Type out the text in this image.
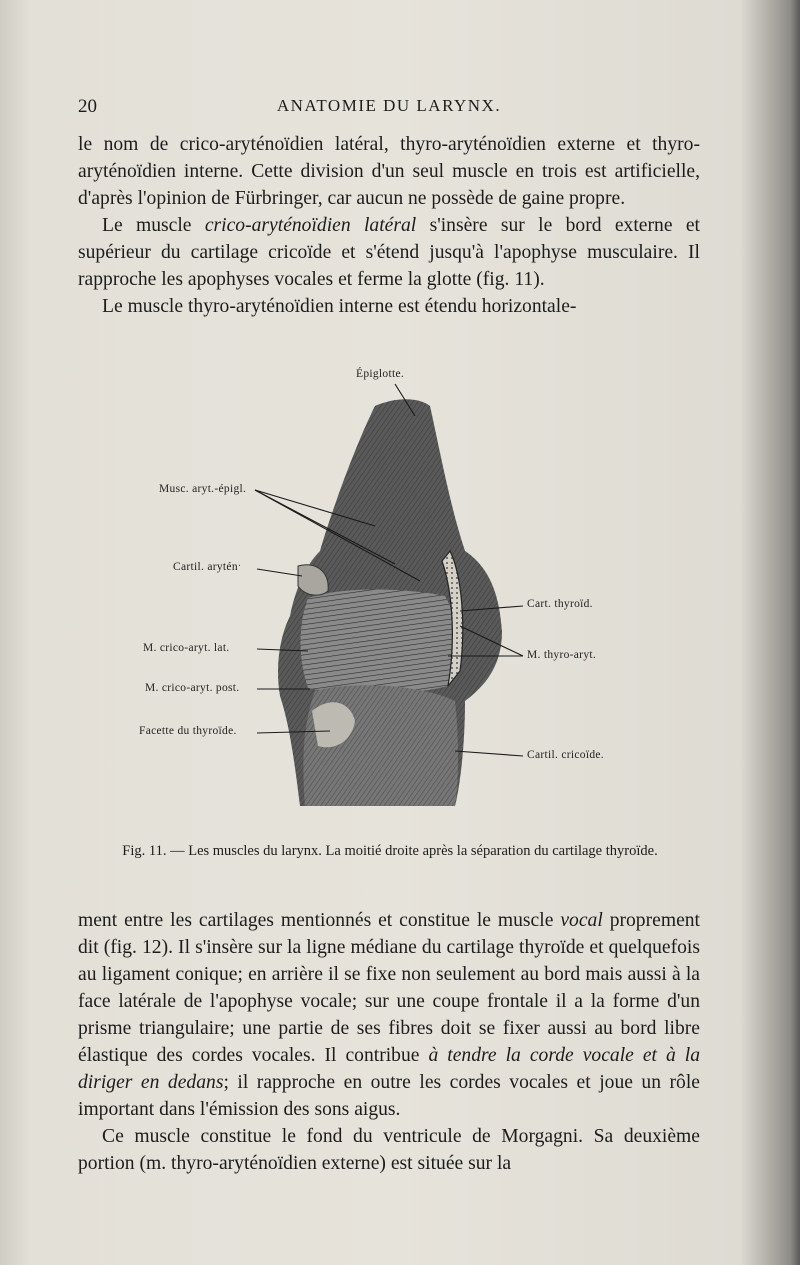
20	ANATOMIE DU LARYNX.

le nom de crico-aryténoïdien latéral, thyro-aryténoïdien externe et thyro-aryténoïdien interne. Cette division d'un seul muscle en trois est artificielle, d'après l'opinion de Fürbringer, car aucun ne possède de gaine propre.

Le muscle crico-aryténoïdien latéral s'insère sur le bord externe et supérieur du cartilage cricoïde et s'étend jusqu'à l'apophyse musculaire. Il rapproche les apophyses vocales et ferme la glotte (fig. 11).

Le muscle thyro-aryténoïdien interne est étendu horizontale-

Épiglotte.
Musc. aryt.-épigl.
Cartil. aryténˑ
M. crico-aryt. lat.
M. crico-aryt. post.
Facette du thyroïde.
Cart. thyroïd.
M. thyro-aryt.
Cartil. cricoïde.
Fig. 11. — Les muscles du larynx. La moitié droite après la séparation du cartilage thyroïde.

ment entre les cartilages mentionnés et constitue le muscle vocal proprement dit (fig. 12). Il s'insère sur la ligne médiane du cartilage thyroïde et quelquefois au ligament conique; en arrière il se fixe non seulement au bord mais aussi à la face latérale de l'apophyse vocale; sur une coupe frontale il a la forme d'un prisme triangulaire; une partie de ses fibres doit se fixer aussi au bord libre élastique des cordes vocales. Il contribue à tendre la corde vocale et à la diriger en dedans; il rapproche en outre les cordes vocales et joue un rôle important dans l'émission des sons aigus.

Ce muscle constitue le fond du ventricule de Morgagni. Sa deuxième portion (m. thyro-aryténoïdien externe) est située sur la
